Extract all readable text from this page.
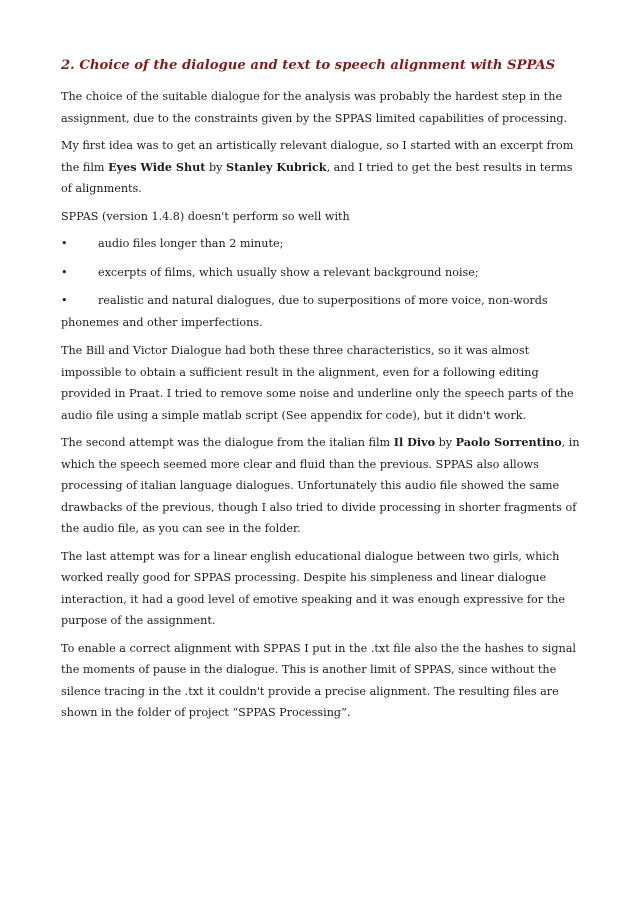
2. Choice of the dialogue and text to speech alignment with SPPAS

The choice of the suitable dialogue for the analysis was probably the hardest step in the assignment, due to the constraints given by the SPPAS limited capabilities of processing.

My first idea was to get an artistically relevant dialogue, so I started with an excerpt from the film Eyes Wide Shut by Stanley Kubrick, and I tried to get the best results in terms of alignments.

SPPAS (version 1.4.8) doesn't perform so well with

•	audio files longer than 2 minute;

•	excerpts of films, which usually show a relevant background noise;

•	realistic and natural dialogues, due to superpositions of more voice, non-words phonemes and other imperfections.

The Bill and Victor Dialogue had both these three characteristics, so it was almost impossible to obtain a sufficient result in the alignment, even for a following editing provided in Praat. I tried to remove some noise and underline only the speech parts of the audio file using a simple matlab script (See appendix for code), but it didn't work.

The second attempt was the dialogue from the italian film Il Divo by Paolo Sorrentino, in which the speech seemed more clear and fluid than the previous. SPPAS also allows processing of italian language dialogues. Unfortunately this audio file showed the same drawbacks of the previous, though I also tried to divide processing in shorter fragments of the audio file, as you can see in the folder.

The last attempt was for a linear english educational dialogue between two girls, which worked really good for SPPAS processing. Despite his simpleness and linear dialogue interaction, it had a good level of emotive speaking and it was enough expressive for the purpose of the assignment.

To enable a correct alignment with SPPAS I put in the .txt file also the the hashes to signal the moments of pause in the dialogue. This is another limit of SPPAS, since without the silence tracing in the .txt it couldn't provide a precise alignment. The resulting files are shown in the folder of project “SPPAS Processing”.
